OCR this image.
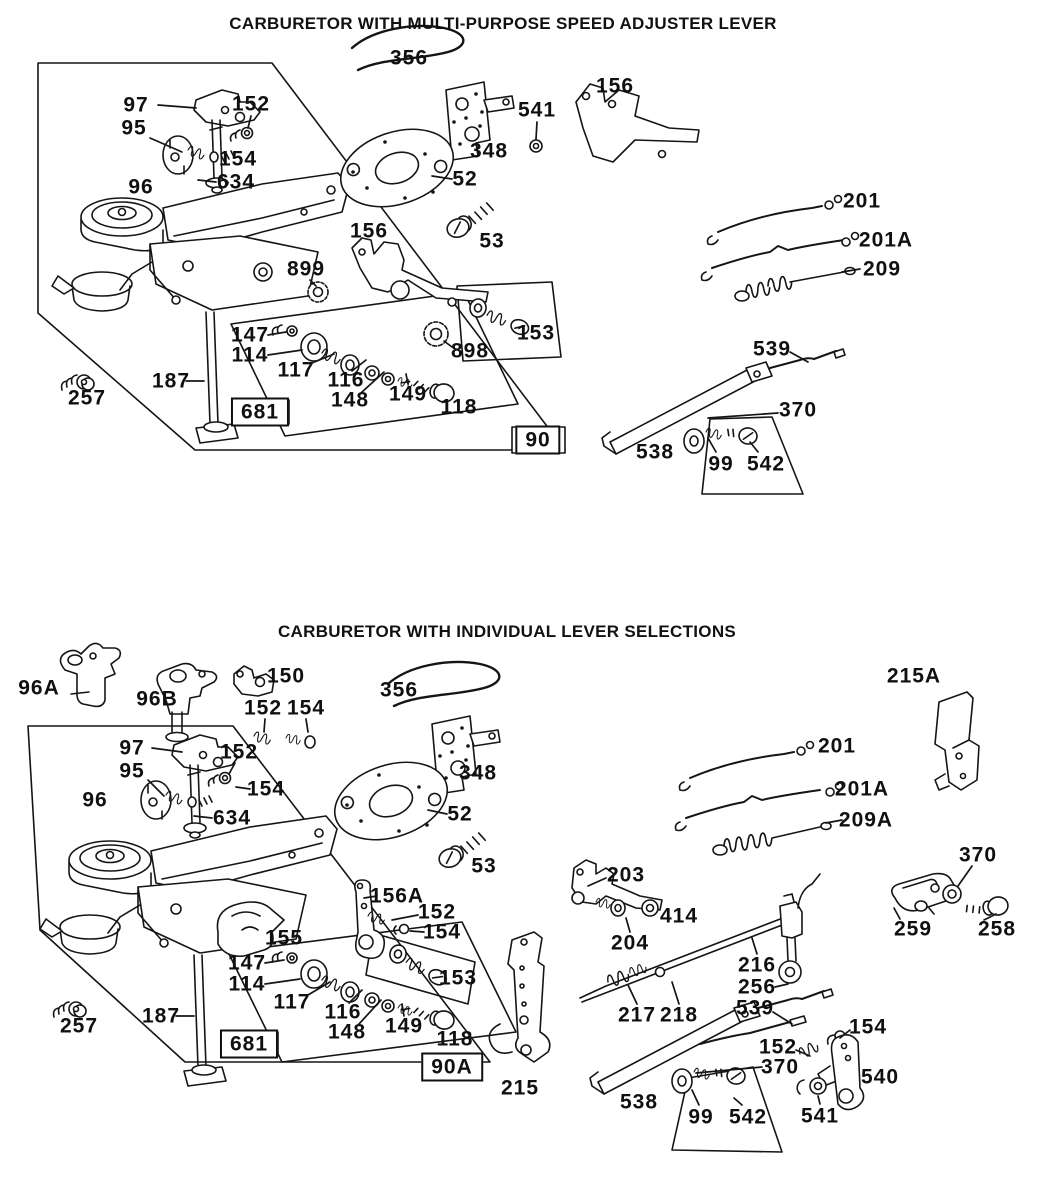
CARBURETOR WITH MULTI-PURPOSE SPEED ADJUSTER LEVER
CARBURETOR WITH INDIVIDUAL LEVER SELECTIONS
97
95
96
152
154
634
356
348
541
156
52
53
156
899
201
201A
209
147
114
117 116
148 149
118
898
153
539
370
99 542
538
257
187
681
90
96A	96B
150
152 154
97
95
96
152
154
634
356
348
52
53
215A
201
201A
209A
155
156A
152
154
153
147
114
117 116
148 149
118
203
204
414
216
256
539
217 218
370
259 258
257 187
681
90A
215
538
99 542
152
370
154
540
541
